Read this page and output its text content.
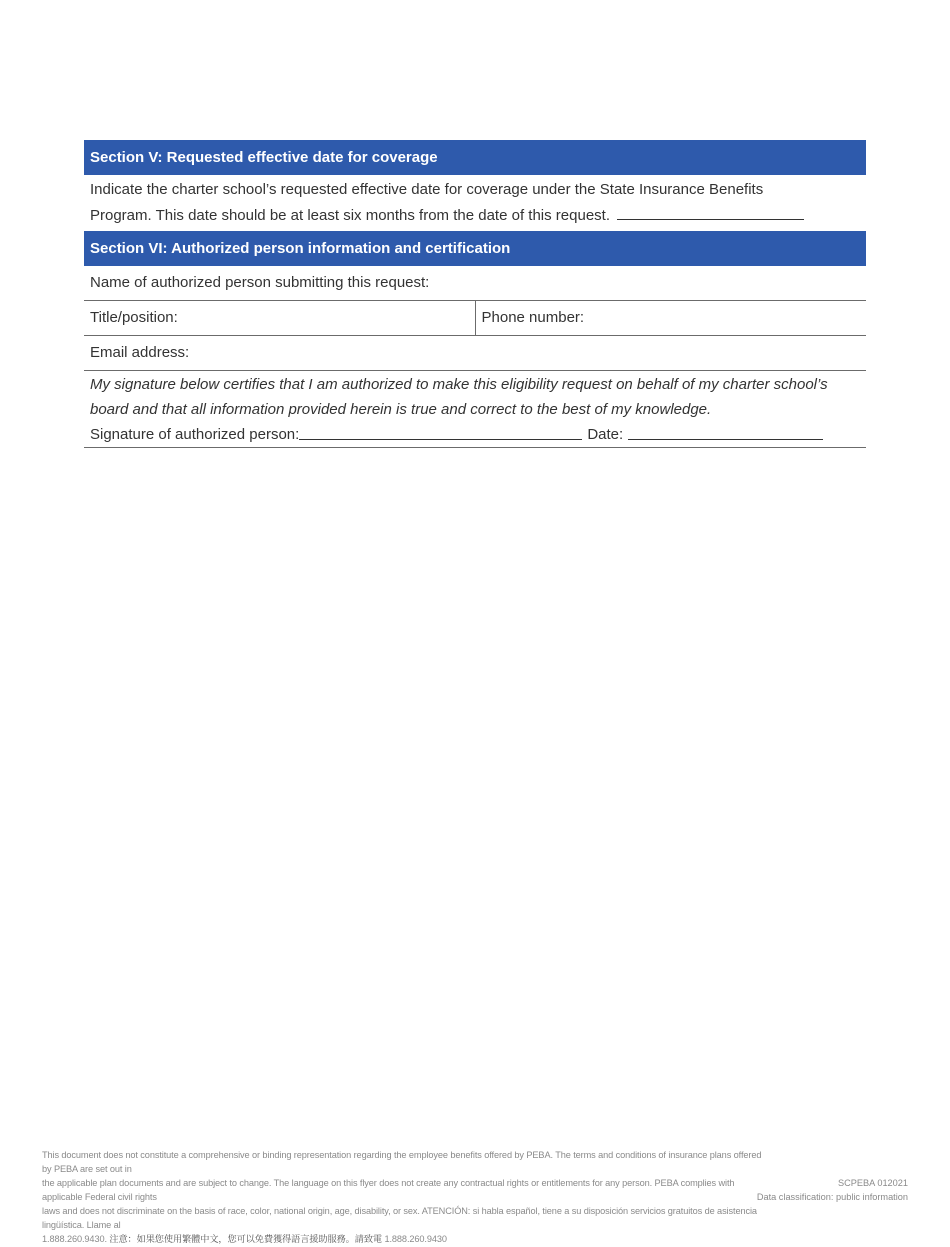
Section V: Requested effective date for coverage
Indicate the charter school’s requested effective date for coverage under the State Insurance Benefits
Program. This date should be at least six months from the date of this request.
Section VI: Authorized person information and certification
Name of authorized person submitting this request:
Title/position:	Phone number:
Email address:
My signature below certifies that I am authorized to make this eligibility request on behalf of my charter school’s
board and that all information provided herein is true and correct to the best of my knowledge.
Signature of authorized person:	Date:
This document does not constitute a comprehensive or binding representation regarding the employee benefits offered by PEBA. The terms and conditions of insurance plans offered by PEBA are set out in
the applicable plan documents and are subject to change. The language on this flyer does not create any contractual rights or entitlements for any person. PEBA complies with applicable Federal civil rights
laws and does not discriminate on the basis of race, color, national origin, age, disability, or sex. ATENCIÓN: si habla español, tiene a su disposición servicios gratuitos de asistencia lingüística. Llame al
1.888.260.9430. 注意：如果您使用繁體中文，您可以免費獲得語言援助服務。請致電 1.888.260.9430
SCPEBA 012021
Data classification: public information
